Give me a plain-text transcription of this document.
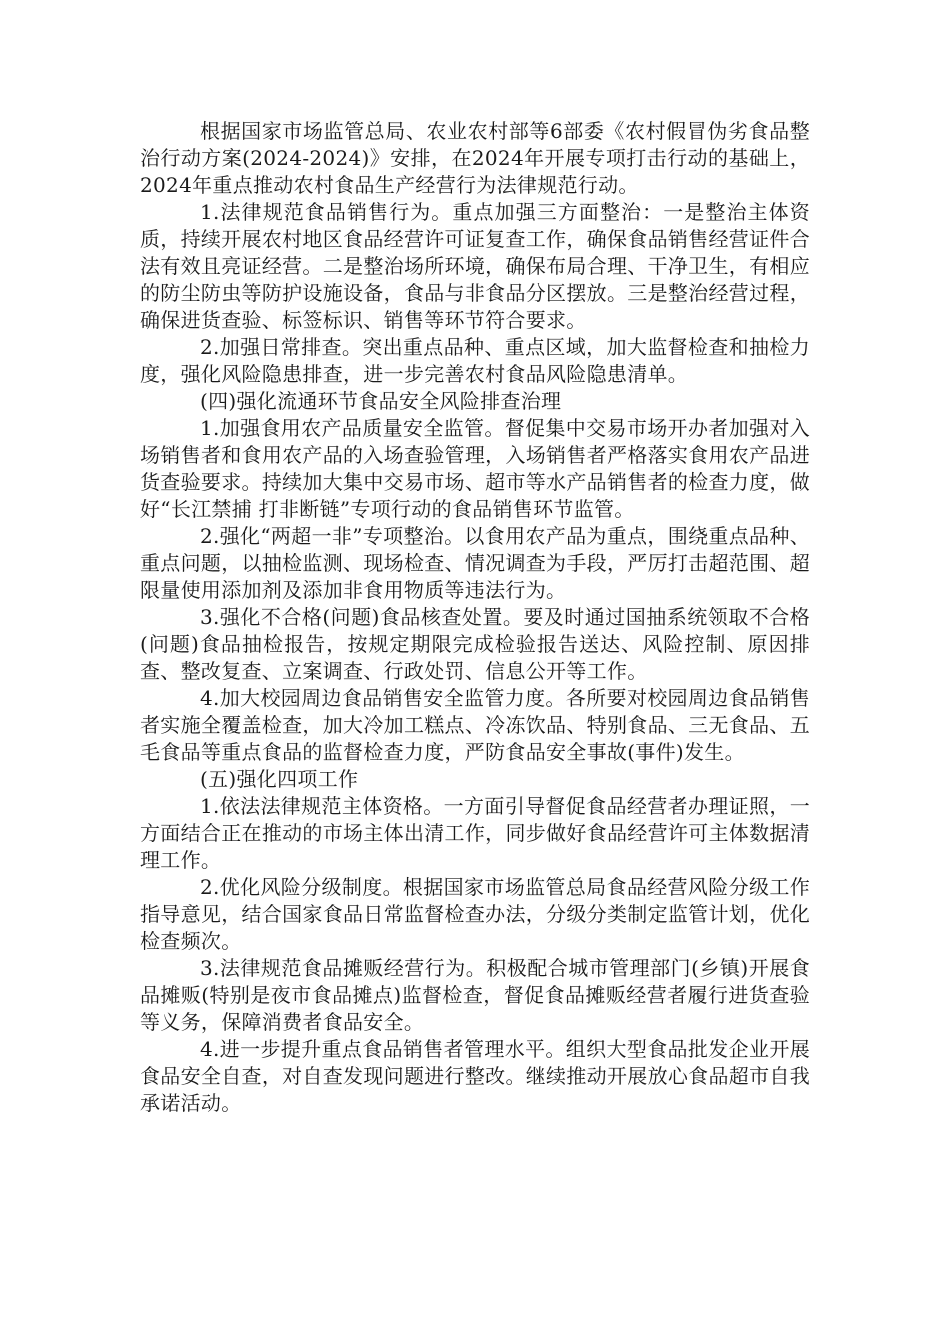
根据国家市场监管总局、农业农村部等6部委《农村假冒伪劣食品整治行动方案(2024-2024)》安排，在2024年开展专项打击行动的基础上，2024年重点推动农村食品生产经营行为法律规范行动。

1.法律规范食品销售行为。重点加强三方面整治：一是整治主体资质，持续开展农村地区食品经营许可证复查工作，确保食品销售经营证件合法有效且亮证经营。二是整治场所环境，确保布局合理、干净卫生，有相应的防尘防虫等防护设施设备，食品与非食品分区摆放。三是整治经营过程，确保进货查验、标签标识、销售等环节符合要求。

2.加强日常排查。突出重点品种、重点区域，加大监督检查和抽检力度，强化风险隐患排查，进一步完善农村食品风险隐患清单。

(四)强化流通环节食品安全风险排查治理

1.加强食用农产品质量安全监管。督促集中交易市场开办者加强对入场销售者和食用农产品的入场查验管理，入场销售者严格落实食用农产品进货查验要求。持续加大集中交易市场、超市等水产品销售者的检查力度，做好“长江禁捕 打非断链”专项行动的食品销售环节监管。

2.强化“两超一非”专项整治。以食用农产品为重点，围绕重点品种、重点问题，以抽检监测、现场检查、情况调查为手段，严厉打击超范围、超限量使用添加剂及添加非食用物质等违法行为。

3.强化不合格(问题)食品核查处置。要及时通过国抽系统领取不合格(问题)食品抽检报告，按规定期限完成检验报告送达、风险控制、原因排查、整改复查、立案调查、行政处罚、信息公开等工作。

4.加大校园周边食品销售安全监管力度。各所要对校园周边食品销售者实施全覆盖检查，加大冷加工糕点、冷冻饮品、特别食品、三无食品、五毛食品等重点食品的监督检查力度，严防食品安全事故(事件)发生。

(五)强化四项工作

1.依法法律规范主体资格。一方面引导督促食品经营者办理证照，一方面结合正在推动的市场主体出清工作，同步做好食品经营许可主体数据清理工作。

2.优化风险分级制度。根据国家市场监管总局食品经营风险分级工作指导意见，结合国家食品日常监督检查办法，分级分类制定监管计划，优化检查频次。

3.法律规范食品摊贩经营行为。积极配合城市管理部门(乡镇)开展食品摊贩(特别是夜市食品摊点)监督检查，督促食品摊贩经营者履行进货查验等义务，保障消费者食品安全。

4.进一步提升重点食品销售者管理水平。组织大型食品批发企业开展食品安全自查，对自查发现问题进行整改。继续推动开展放心食品超市自我承诺活动。
